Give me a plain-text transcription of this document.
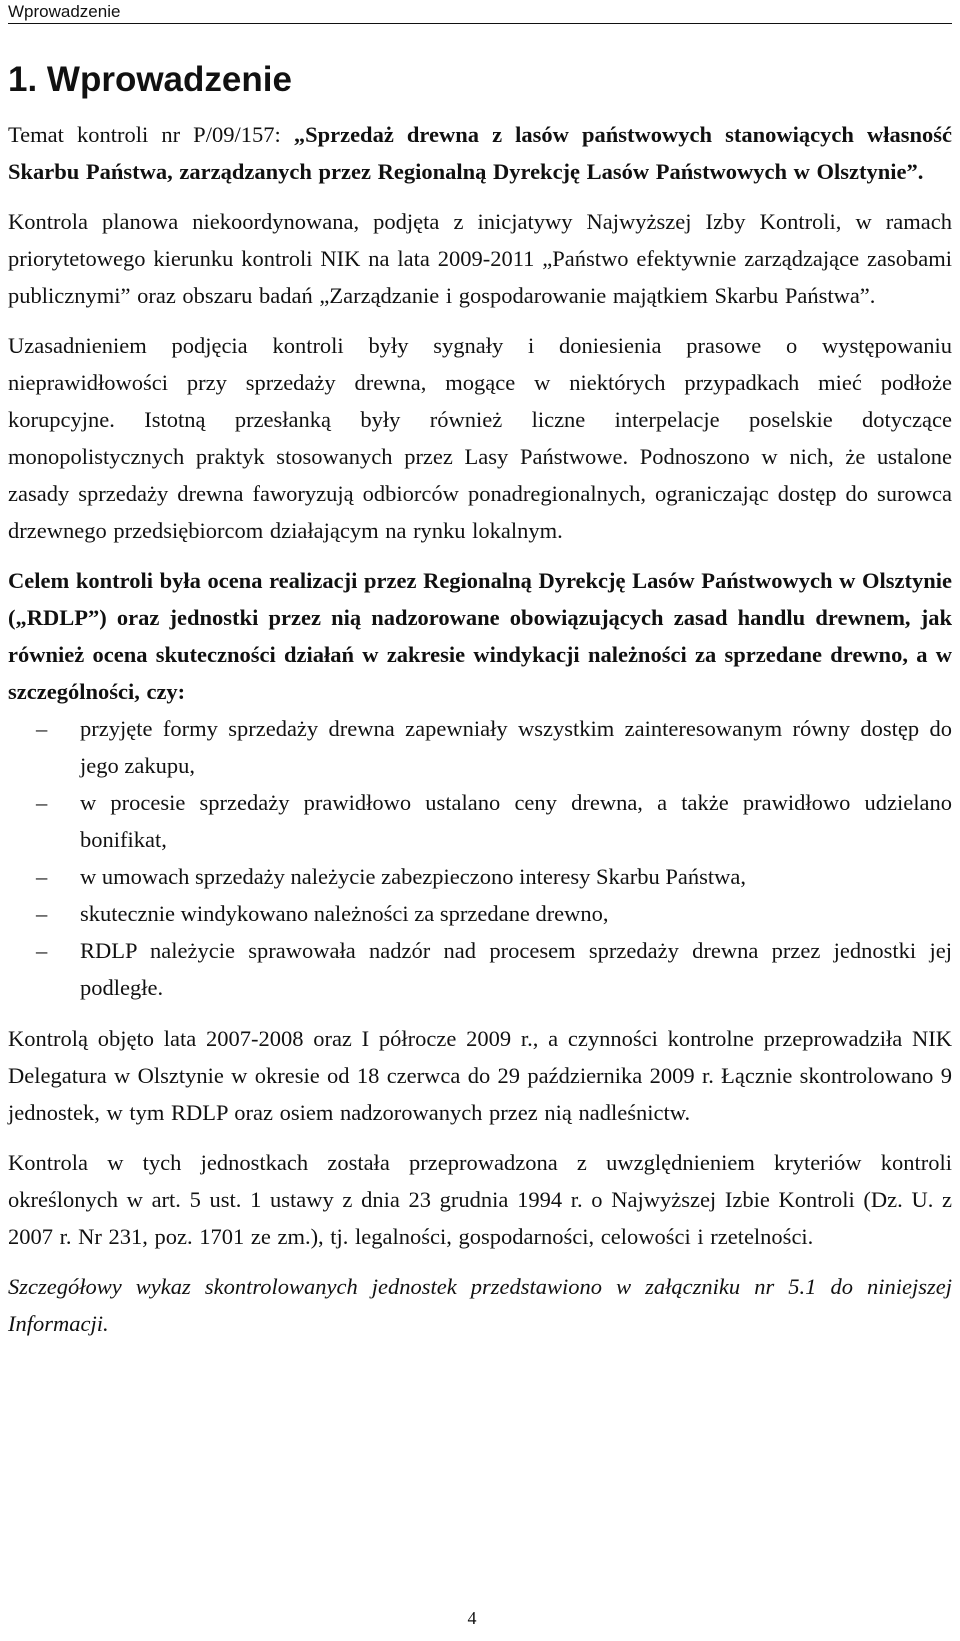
Wprowadzenie
1. Wprowadzenie

Temat kontroli nr P/09/157: „Sprzedaż drewna z lasów państwowych stanowiących własność Skarbu Państwa, zarządzanych przez Regionalną Dyrekcję Lasów Państwowych w Olsztynie”.

Kontrola planowa niekoordynowana, podjęta z inicjatywy Najwyższej Izby Kontroli, w ramach priorytetowego kierunku kontroli NIK na lata 2009-2011 „Państwo efektywnie zarządzające zasobami publicznymi” oraz obszaru badań „Zarządzanie i gospodarowanie majątkiem Skarbu Państwa”.

Uzasadnieniem podjęcia kontroli były sygnały i doniesienia prasowe o występowaniu nieprawidłowości przy sprzedaży drewna, mogące w niektórych przypadkach mieć podłoże korupcyjne. Istotną przesłanką były również liczne interpelacje poselskie dotyczące monopolistycznych praktyk stosowanych przez Lasy Państwowe. Podnoszono w nich, że ustalone zasady sprzedaży drewna faworyzują odbiorców ponadregionalnych, ograniczając dostęp do surowca drzewnego przedsiębiorcom działającym na rynku lokalnym.

Celem kontroli była ocena realizacji przez Regionalną Dyrekcję Lasów Państwowych w Olsztynie („RDLP”) oraz jednostki przez nią nadzorowane obowiązujących zasad handlu drewnem, jak również ocena skuteczności działań w zakresie windykacji należności za sprzedane drewno, a w szczególności, czy:

– przyjęte formy sprzedaży drewna zapewniały wszystkim zainteresowanym równy dostęp do jego zakupu,
– w procesie sprzedaży prawidłowo ustalano ceny drewna, a także prawidłowo udzielano bonifikat,
– w umowach sprzedaży należycie zabezpieczono interesy Skarbu Państwa,
– skutecznie windykowano należności za sprzedane drewno,
– RDLP należycie sprawowała nadzór nad procesem sprzedaży drewna przez jednostki jej podległe.

Kontrolą objęto lata 2007-2008 oraz I półrocze 2009 r., a czynności kontrolne przeprowadziła NIK Delegatura w Olsztynie w okresie od 18 czerwca do 29 października 2009 r. Łącznie skontrolowano 9 jednostek, w tym RDLP oraz osiem nadzorowanych przez nią nadleśnictw.

Kontrola w tych jednostkach została przeprowadzona z uwzględnieniem kryteriów kontroli określonych w art. 5 ust. 1 ustawy z dnia 23 grudnia 1994 r. o Najwyższej Izbie Kontroli (Dz. U. z 2007 r. Nr 231, poz. 1701 ze zm.), tj. legalności, gospodarności, celowości i rzetelności.

Szczegółowy wykaz skontrolowanych jednostek przedstawiono w załączniku nr 5.1 do niniejszej Informacji.

4
